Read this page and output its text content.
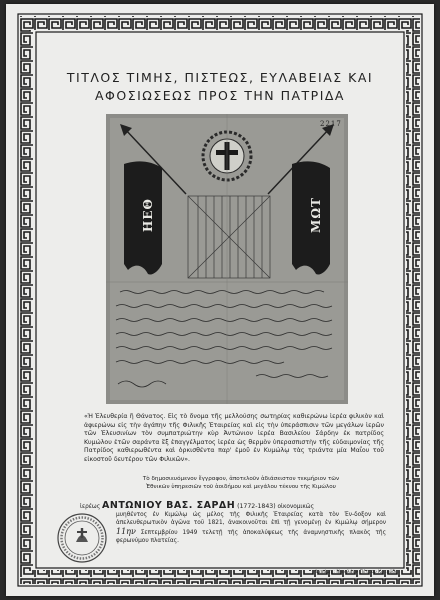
ΤΙΤΛΟΣ ΤΙΜΗΣ, ΠΙΣΤΕΩΣ, ΕΥΛΑΒΕΙΑΣ ΚΑΙ
ΑΦΟΣΙΩΣΕΩΣ ΠΡΟΣ ΤΗΝ ΠΑΤΡΙΔΑ
2217
ΗΕΘ	ΜΩΤ
«Ἡ Ἐλευθερία ἢ Θάνατος. Εἰς τὸ ὄνομα τῆς μελλούσης σωτηρίας καθιερώνω ἱερέα φιλικὸν καὶ ἀφιερώνω εἰς τὴν ἀγάπην τῆς Φιλικῆς Ἑταιρείας καὶ εἰς τὴν ὑπεράσπισιν τῶν μεγάλων ἱερῶν τῶν Ἐλευσινίων τὸν συμπατριώτην κὺρ Ἀντώνιον ἱερέα Βασιλείου Σάρδην ἐκ πατρίδος Κυμώλου ἐτῶν σαράντα ἓξ ἐπαγγέλματος ἱερέα ὡς θερμὸν ὑπερασπιστὴν τῆς εὐδαιμονίας τῆς Πατρίδος καθιερωθέντα καὶ ὁρκισθέντα παρ' ἐμοῦ ἐν Κυμώλῳ τὰς τριάντα μία Μαΐου τοῦ εἰκοστοῦ δευτέρου τῶν Φιλικῶν».
Τὸ δημοσιευόμενον ἔγγραφον, ἀποτελοῦν ἀδιάσειστον τεκμήριον τῶν
Ἐθνικῶν ὑπηρεσιῶν τοῦ ἀοιδήμου καὶ μεγάλου τέκνου τῆς Κιμώλου
ἱερέως ΑΝΤΩΝΙΟΥ ΒΑΣ. ΣΑΡΔΗ (1772-1843) οἰκονομικῶς
μυηθέντος ἐν Κιμώλῳ ὡς μέλος τῆς Φιλικῆς Ἑταιρείας κατὰ τὸν Ἐν-δοξον καὶ ἀπελευθερωτικὸν ἀγῶνα τοῦ 1821, ἀνακοινοῦται ἐπὶ τῇ γενομένῃ ἐν Κιμώλῳ σήμερον 11ην Σεπτεμβρίου 1949 τελετῇ τῆς ἀποκαλύψεως τῆς ἀναμνηστικῆς πλακὸς τῆς φερωνύμου πλατείας.
Δαπάνῃ : Νικολάου Πέτρου Κρεμύδα
